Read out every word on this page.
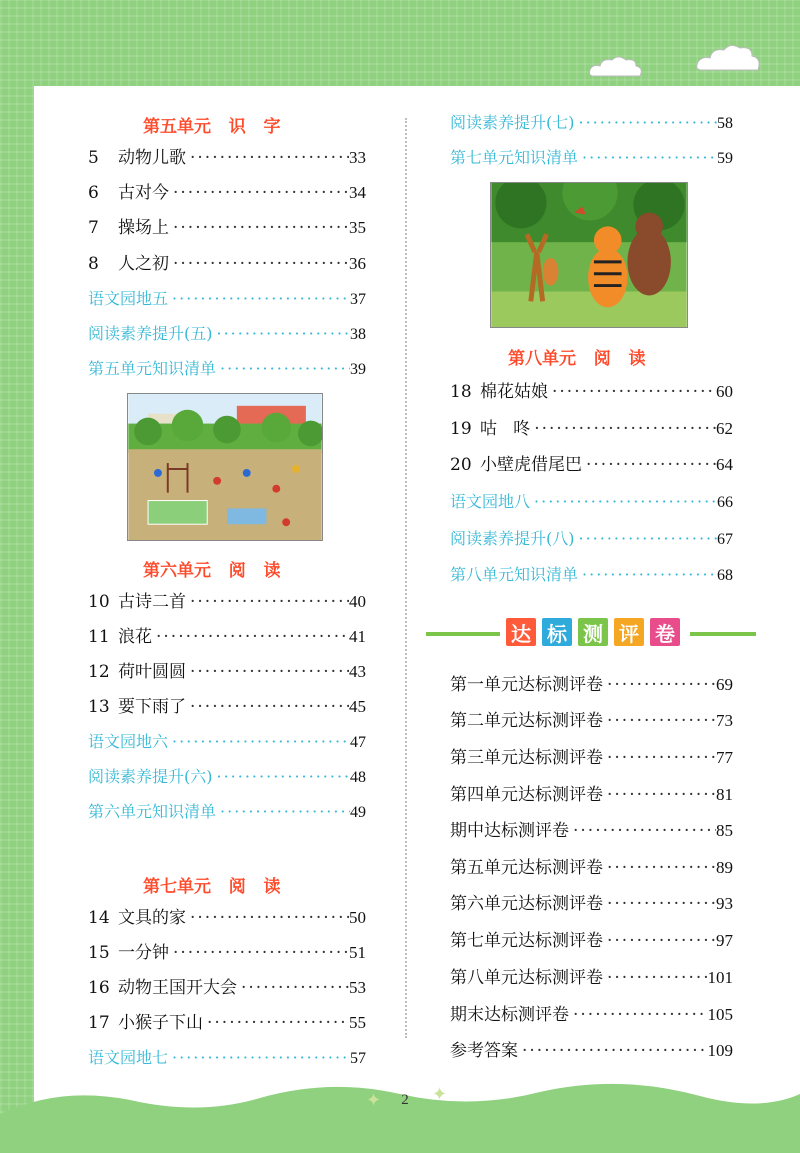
第五单元   识   字
5	动物儿歌 ·····	33
6	古对今 ·····	34
7	操场上 ·····	35
8	人之初 ·····	36
语文园地五 ·····	37
阅读素养提升(五) ·····	38
第五单元知识清单 ·····	39
第六单元   阅   读
10 古诗二首 ·····	40
11 浪花 ·····	41
12 荷叶圆圆 ·····	43
13 要下雨了 ·····	45
语文园地六 ·····	47
阅读素养提升(六) ·····	48
第六单元知识清单 ·····	49
第七单元   阅   读
14 文具的家 ·····	50
15 一分钟 ·····	51
16 动物王国开大会 ·····	53
17 小猴子下山 ·····	55
语文园地七 ·····	57
阅读素养提升(七) ·····	58
第七单元知识清单 ·····	59
第八单元   阅   读
18 棉花姑娘 ·····	60
19 咕   咚 ·····	62
20 小壁虎借尾巴 ·····	64
语文园地八 ·····	66
阅读素养提升(八) ·····	67
第八单元知识清单 ·····	68
达 标 测 评 卷
第一单元达标测评卷 ·····	69
第二单元达标测评卷 ·····	73
第三单元达标测评卷 ·····	77
第四单元达标测评卷 ·····	81
期中达标测评卷 ·····	85
第五单元达标测评卷 ·····	89
第六单元达标测评卷 ·····	93
第七单元达标测评卷 ·····	97
第八单元达标测评卷 ·····	101
期末达标测评卷 ·····	105
参考答案 ·····	109
✦	✦
2
